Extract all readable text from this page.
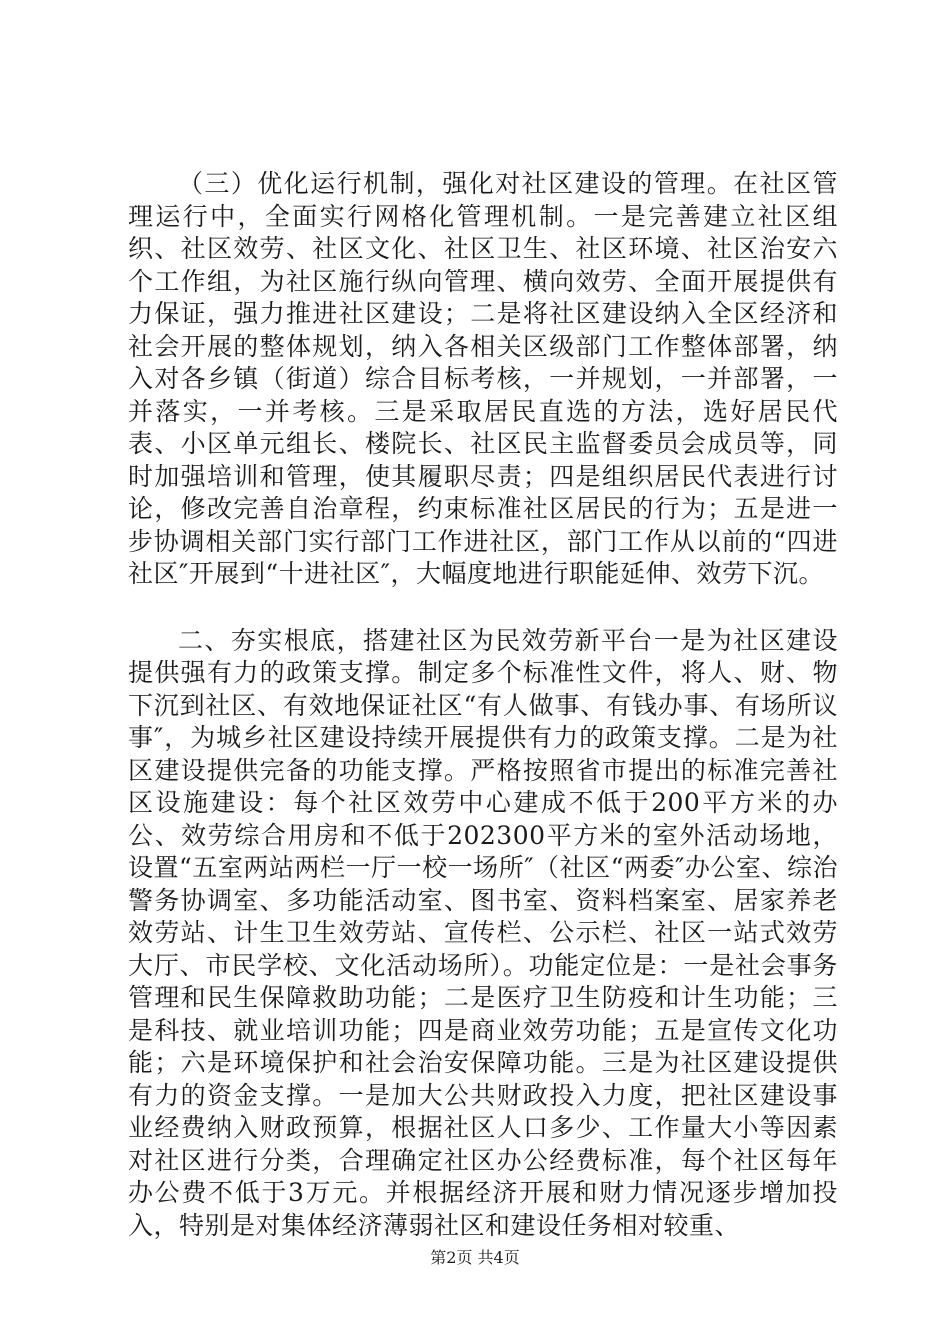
（三）优化运行机制，强化对社区建设的管理。在社区管理运行中，全面实行网格化管理机制。一是完善建立社区组织、社区效劳、社区文化、社区卫生、社区环境、社区治安六个工作组，为社区施行纵向管理、横向效劳、全面开展提供有力保证，强力推进社区建设；二是将社区建设纳入全区经济和社会开展的整体规划，纳入各相关区级部门工作整体部署，纳入对各乡镇（街道）综合目标考核，一并规划，一并部署，一并落实，一并考核。三是采取居民直选的方法，选好居民代表、小区单元组长、楼院长、社区民主监督委员会成员等，同时加强培训和管理，使其履职尽责；四是组织居民代表进行讨论，修改完善自治章程，约束标准社区居民的行为；五是进一步协调相关部门实行部门工作进社区，部门工作从以前的“四进社区″开展到“十进社区″，大幅度地进行职能延伸、效劳下沉。

二、夯实根底，搭建社区为民效劳新平台一是为社区建设提供强有力的政策支撑。制定多个标准性文件，将人、财、物下沉到社区、有效地保证社区“有人做事、有钱办事、有场所议事″，为城乡社区建设持续开展提供有力的政策支撑。二是为社区建设提供完备的功能支撑。严格按照省市提出的标准完善社区设施建设：每个社区效劳中心建成不低于200平方米的办公、效劳综合用房和不低于202300平方米的室外活动场地，设置“五室两站两栏一厅一校一场所″（社区“两委″办公室、综治警务协调室、多功能活动室、图书室、资料档案室、居家养老效劳站、计生卫生效劳站、宣传栏、公示栏、社区一站式效劳大厅、市民学校、文化活动场所）。功能定位是：一是社会事务管理和民生保障救助功能；二是医疗卫生防疫和计生功能；三是科技、就业培训功能；四是商业效劳功能；五是宣传文化功能；六是环境保护和社会治安保障功能。三是为社区建设提供有力的资金支撑。一是加大公共财政投入力度，把社区建设事业经费纳入财政预算，根据社区人口多少、工作量大小等因素对社区进行分类，合理确定社区办公经费标准，每个社区每年办公费不低于3万元。并根据经济开展和财力情况逐步增加投入，特别是对集体经济薄弱社区和建设任务相对较重、

第2页 共4页
